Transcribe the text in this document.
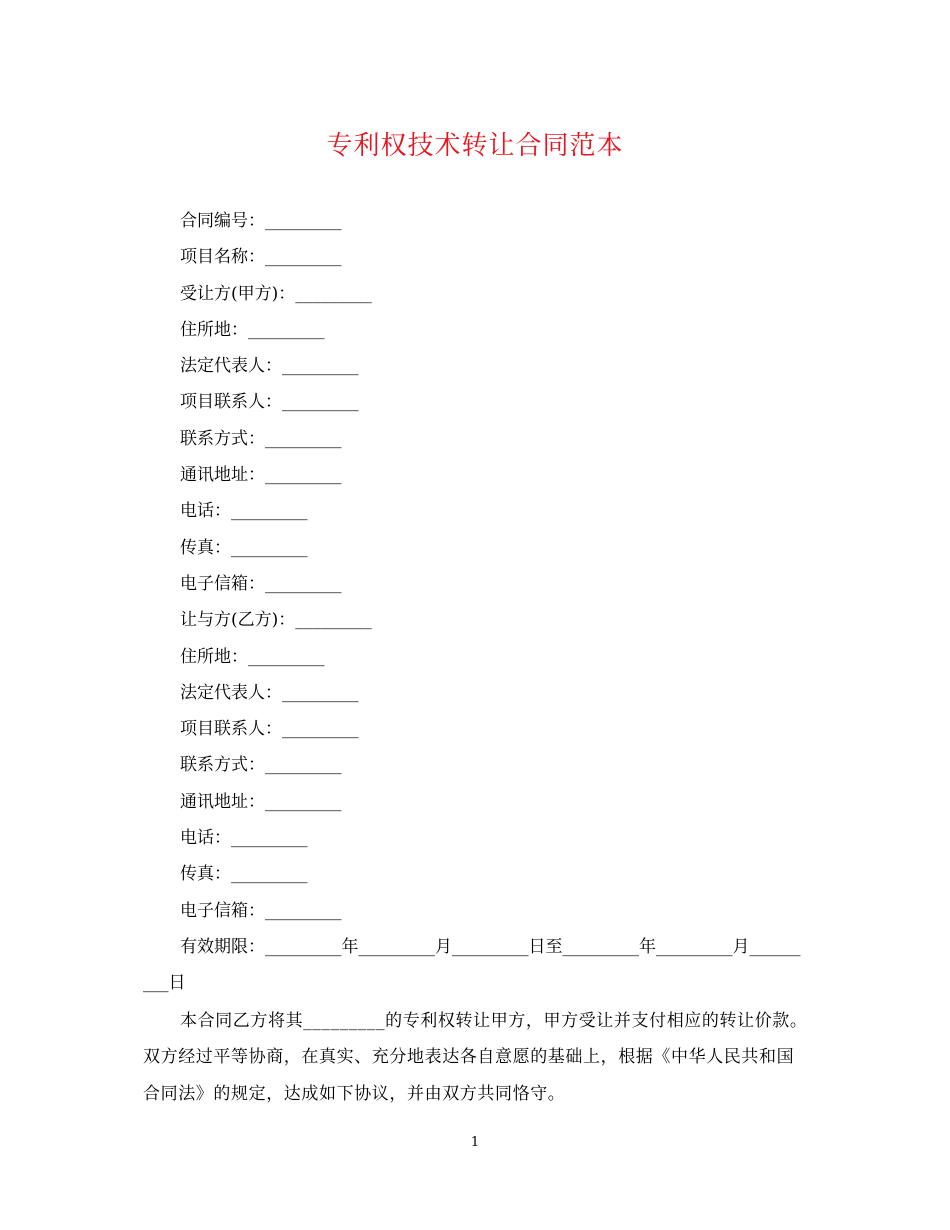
专利权技术转让合同范本
合同编号：_________
项目名称：_________
受让方(甲方)：_________
住所地：_________
法定代表人：_________
项目联系人：_________
联系方式：_________
通讯地址：_________
电话：_________
传真：_________
电子信箱：_________
让与方(乙方)：_________
住所地：_________
法定代表人：_________
项目联系人：_________
联系方式：_________
通讯地址：_________
电话：_________
传真：_________
电子信箱：_________
有效期限：_________年_________月_________日至_________年_________月_________日
本合同乙方将其_________的专利权转让甲方，甲方受让并支付相应的转让价款。双方经过平等协商，在真实、充分地表达各自意愿的基础上，根据《中华人民共和国合同法》的规定，达成如下协议，并由双方共同恪守。
1
